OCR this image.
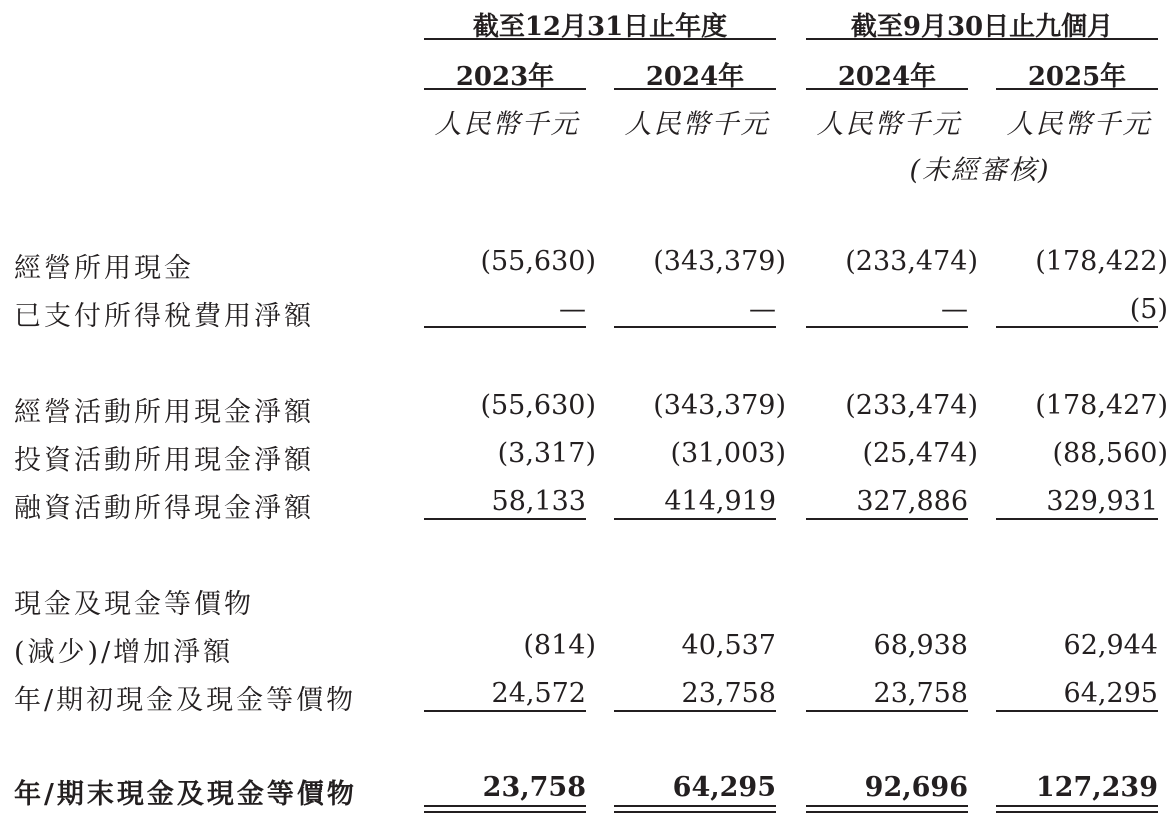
截至12月31日止年度	截至9月30日止九個月
2023年	2024年	2024年	2025年
人民幣千元	人民幣千元	人民幣千元	人民幣千元
(未經審核)
經營所用現金	(55,630)	(343,379)	(233,474)	(178,422)
已支付所得稅費用淨額	—	—	—	(5)
經營活動所用現金淨額	(55,630)	(343,379)	(233,474)	(178,427)
投資活動所用現金淨額	(3,317)	(31,003)	(25,474)	(88,560)
融資活動所得現金淨額	58,133	414,919	327,886	329,931
現金及現金等價物
(減少)/增加淨額	(814)	40,537	68,938	62,944
年/期初現金及現金等價物	24,572	23,758	23,758	64,295
年/期末現金及現金等價物	23,758	64,295	92,696	127,239
